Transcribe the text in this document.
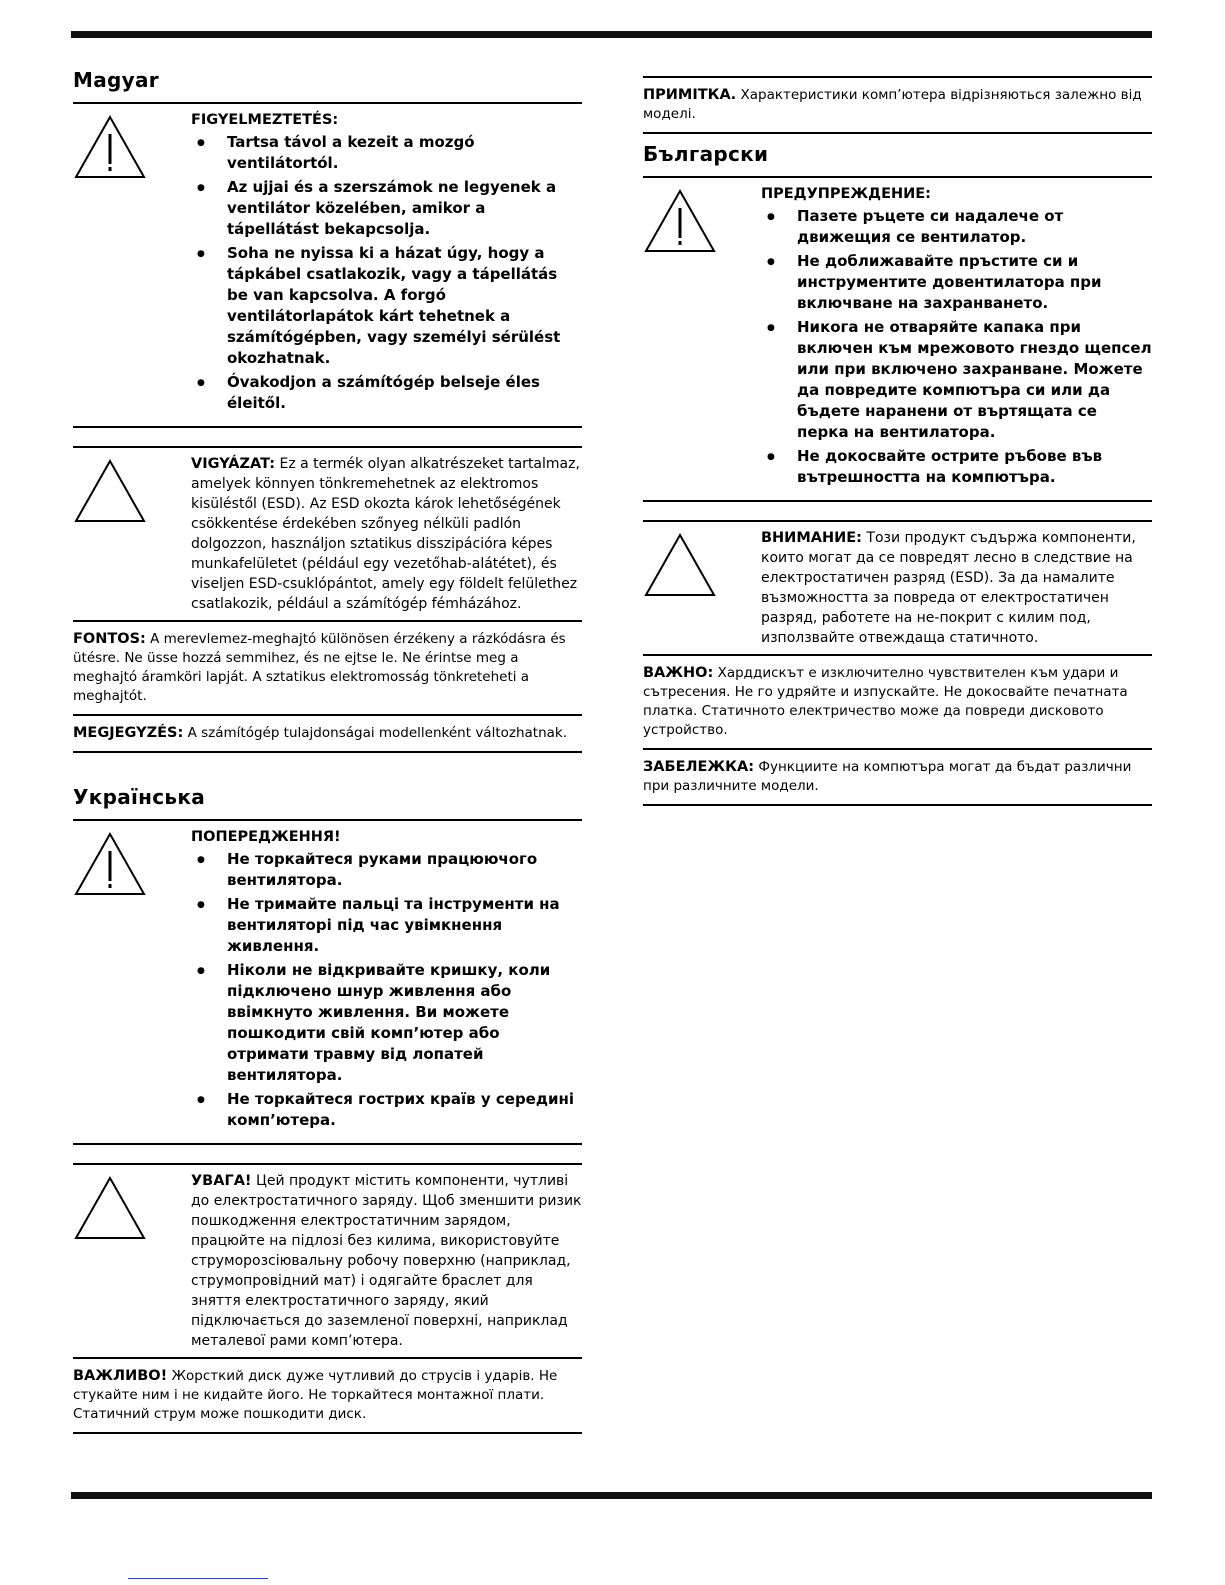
Magyar
FIGYELMEZTETÉS:
● Tartsa távol a kezeit a mozgó ventilátortól.
● Az ujjai és a szerszámok ne legyenek a ventilátor közelében, amikor a tápellátást bekapcsolja.
● Soha ne nyissa ki a házat úgy, hogy a tápkábel csatlakozik, vagy a tápellátás be van kapcsolva. A forgó ventilátorlapátok kárt tehetnek a számítógépben, vagy személyi sérülést okozhatnak.
● Óvakodjon a számítógép belseje éles éleitől.
VIGYÁZAT: Ez a termék olyan alkatrészeket tartalmaz, amelyek könnyen tönkremehetnek az elektromos kisüléstől (ESD). Az ESD okozta károk lehetőségének csökkentése érdekében szőnyeg nélküli padlón dolgozzon, használjon sztatikus disszipációra képes munkafelületet (például egy vezetőhab-alátétet), és viseljen ESD-csuklópántot, amely egy földelt felülethez csatlakozik, például a számítógép fémházához.
FONTOS: A merevlemez-meghajtó különösen érzékeny a rázkódásra és ütésre. Ne üsse hozzá semmihez, és ne ejtse le. Ne érintse meg a meghajtó áramköri lapját. A sztatikus elektromosság tönkreteheti a meghajtót.
MEGJEGYZÉS: A számítógép tulajdonságai modellenként változhatnak.
Українська
ПОПЕРЕДЖЕННЯ!
● Не торкайтеся руками працюючого вентилятора.
● Не тримайте пальці та інструменти на вентиляторі під час увімкнення живлення.
● Ніколи не відкривайте кришку, коли підключено шнур живлення або ввімкнуто живлення. Ви можете пошкодити свій комп’ютер або отримати травму від лопатей вентилятора.
● Не торкайтеся гострих країв у середині комп’ютера.
УВАГА! Цей продукт містить компоненти, чутливі до електростатичного заряду. Щоб зменшити ризик пошкодження електростатичним зарядом, працюйте на підлозі без килима, використовуйте струморозсіювальну робочу поверхню (наприклад, струмопровідний мат) і одягайте браслет для зняття електростатичного заряду, який підключається до заземленої поверхні, наприклад металевої рами комп’ютера.
ВАЖЛИВО! Жорсткий диск дуже чутливий до струсів і ударів. Не стукайте ним і не кидайте його. Не торкайтеся монтажної плати. Статичний струм може пошкодити диск.
ПРИМІТКА. Характеристики комп’ютера відрізняються залежно від моделі.
Български
ПРЕДУПРЕЖДЕНИЕ:
● Пазете ръцете си надалече от движещия се вентилатор.
● Не доближавайте пръстите си и инструментите довентилатора при включване на захранването.
● Никога не отваряйте капака при включен към мрежовото гнездо щепсел или при включено захранване. Можете да повредите компютъра си или да бъдете наранени от въртящата се перка на вентилатора.
● Не докосвайте острите ръбове във вътрешността на компютъра.
ВНИМАНИЕ: Този продукт съдържа компоненти, които могат да се повредят лесно в следствие на електростатичен разряд (ESD). За да намалите възможността за повреда от електростатичен разряд, работете на не-покрит с килим под, използвайте отвеждаща статичното.
ВАЖНО: Харддискът е изключително чувствителен към удари и сътресения. Не го удряйте и изпускайте. Не докосвайте печатната платка. Статичното електричество може да повреди дисковото устройство.
ЗАБЕЛЕЖКА: Функциите на компютъра могат да бъдат различни при различните модели.
